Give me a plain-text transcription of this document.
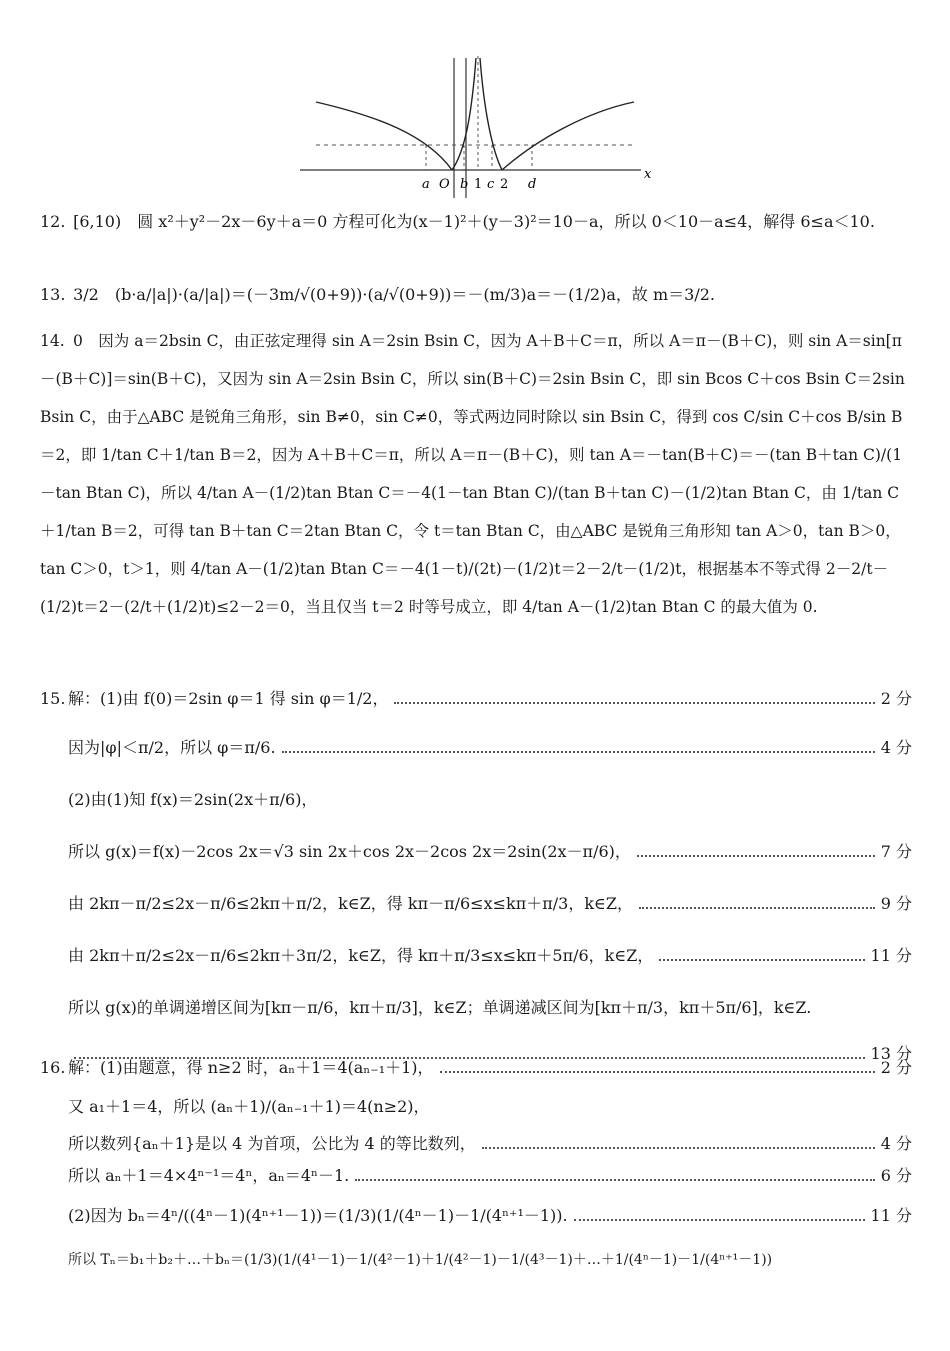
x
a O b 1 c 2 d
12. [6,10)　圆 x²＋y²－2x－6y＋a＝0 方程可化为(x－1)²＋(y－3)²＝10－a，所以 0＜10－a≤4，解得 6≤a＜10.
13. 3/2　(b·a/|a|)·(a/|a|)＝(－3m/√(0+9))·(a/√(0+9))＝－(m/3)a＝－(1/2)a，故 m＝3/2.
14. 0　因为 a＝2bsin C，由正弦定理得 sin A＝2sin Bsin C，因为 A＋B＋C＝π，所以 A＝π－(B＋C)，则 sin A＝sin[π－(B＋C)]＝sin(B＋C)，又因为 sin A＝2sin Bsin C，所以 sin(B＋C)＝2sin Bsin C，即 sin Bcos C＋cos Bsin C＝2sin Bsin C，由于△ABC 是锐角三角形，sin B≠0，sin C≠0，等式两边同时除以 sin Bsin C，得到 cos C/sin C＋cos B/sin B＝2，即 1/tan C＋1/tan B＝2，因为 A＋B＋C＝π，所以 A＝π－(B＋C)，则 tan A＝－tan(B＋C)＝－(tan B＋tan C)/(1－tan Btan C)，所以 4/tan A－(1/2)tan Btan C＝－4(1－tan Btan C)/(tan B＋tan C)－(1/2)tan Btan C，由 1/tan C＋1/tan B＝2，可得 tan B＋tan C＝2tan Btan C，令 t＝tan Btan C，由△ABC 是锐角三角形知 tan A＞0，tan B＞0，tan C＞0，t＞1，则 4/tan A－(1/2)tan Btan C＝－4(1－t)/(2t)－(1/2)t＝2－2/t－(1/2)t，根据基本不等式得 2－2/t－(1/2)t＝2－(2/t＋(1/2)t)≤2－2＝0，当且仅当 t＝2 时等号成立，即 4/tan A－(1/2)tan Btan C 的最大值为 0.
15. 解：(1)由 f(0)＝2sin φ＝1 得 sin φ＝1/2，	2 分
因为|φ|＜π/2，所以 φ＝π/6.	4 分
(2)由(1)知 f(x)＝2sin(2x＋π/6)，
所以 g(x)＝f(x)－2cos 2x＝√3 sin 2x＋cos 2x－2cos 2x＝2sin(2x－π/6)，	7 分
由 2kπ－π/2≤2x－π/6≤2kπ＋π/2，k∈Z，得 kπ－π/6≤x≤kπ＋π/3，k∈Z，	9 分
由 2kπ＋π/2≤2x－π/6≤2kπ＋3π/2，k∈Z，得 kπ＋π/3≤x≤kπ＋5π/6，k∈Z，	11 分
所以 g(x)的单调递增区间为[kπ－π/6，kπ＋π/3]，k∈Z；单调递减区间为[kπ＋π/3，kπ＋5π/6]，k∈Z.
13 分
16. 解：(1)由题意，得 n≥2 时，aₙ＋1＝4(aₙ₋₁＋1)，	2 分
又 a₁＋1＝4，所以 (aₙ＋1)/(aₙ₋₁＋1)＝4(n≥2)，
所以数列{aₙ＋1}是以 4 为首项，公比为 4 的等比数列，	4 分
所以 aₙ＋1＝4×4ⁿ⁻¹＝4ⁿ，aₙ＝4ⁿ－1.	6 分
(2)因为 bₙ＝4ⁿ/((4ⁿ－1)(4ⁿ⁺¹－1))＝(1/3)(1/(4ⁿ－1)－1/(4ⁿ⁺¹－1)).	11 分
所以 Tₙ＝b₁＋b₂＋…＋bₙ＝(1/3)(1/(4¹－1)－1/(4²－1)＋1/(4²－1)－1/(4³－1)＋…＋1/(4ⁿ－1)－1/(4ⁿ⁺¹－1))
